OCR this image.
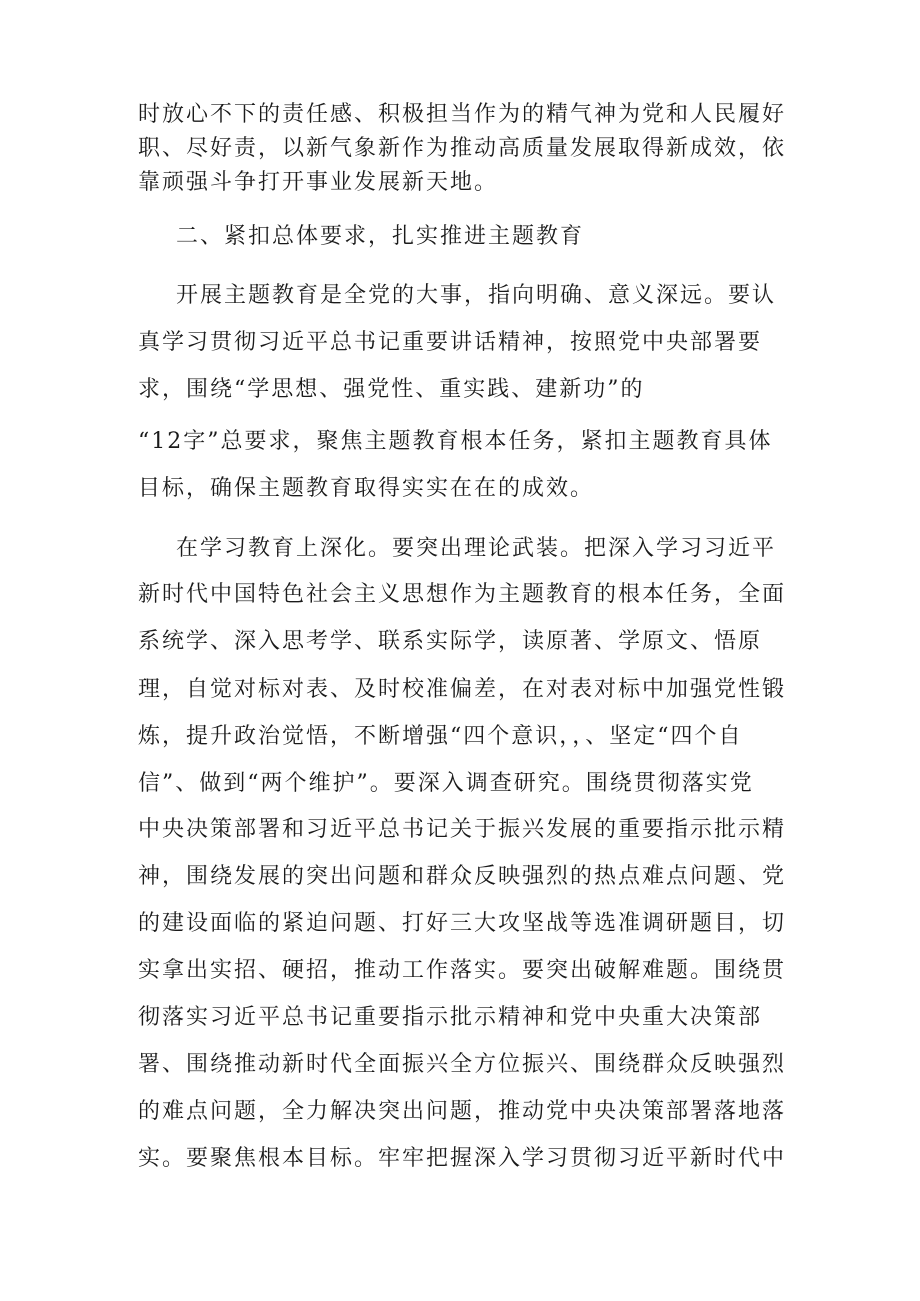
时放心不下的责任感、积极担当作为的精气神为党和人民履好
职、尽好责，以新气象新作为推动高质量发展取得新成效，依
靠顽强斗争打开事业发展新天地。
二、紧扣总体要求，扎实推进主题教育
开展主题教育是全党的大事，指向明确、意义深远。要认
真学习贯彻习近平总书记重要讲话精神，按照党中央部署要
求，围绕“学思想、强党性、重实践、建新功”的
“12字”总要求，聚焦主题教育根本任务，紧扣主题教育具体
目标，确保主题教育取得实实在在的成效。
在学习教育上深化。要突出理论武装。把深入学习习近平
新时代中国特色社会主义思想作为主题教育的根本任务，全面
系统学、深入思考学、联系实际学，读原著、学原文、悟原
理，自觉对标对表、及时校准偏差，在对表对标中加强党性锻
炼，提升政治觉悟，不断增强“四个意识，，、坚定“四个自
信”、做到“两个维护”。要深入调查研究。围绕贯彻落实党
中央决策部署和习近平总书记关于振兴发展的重要指示批示精
神，围绕发展的突出问题和群众反映强烈的热点难点问题、党
的建设面临的紧迫问题、打好三大攻坚战等选准调研题目，切
实拿出实招、硬招，推动工作落实。要突出破解难题。围绕贯
彻落实习近平总书记重要指示批示精神和党中央重大决策部
署、围绕推动新时代全面振兴全方位振兴、围绕群众反映强烈
的难点问题，全力解决突出问题，推动党中央决策部署落地落
实。要聚焦根本目标。牢牢把握深入学习贯彻习近平新时代中
